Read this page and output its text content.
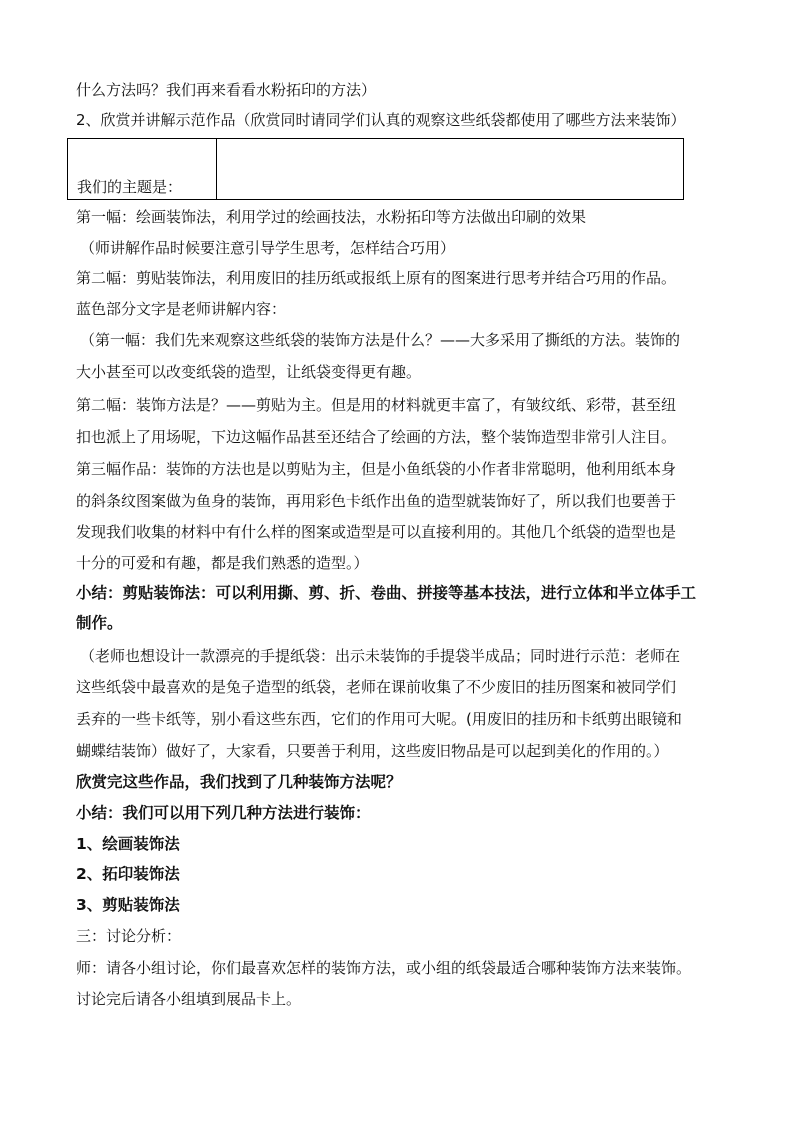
什么方法吗？我们再来看看水粉拓印的方法）
2、欣赏并讲解示范作品（欣赏同时请同学们认真的观察这些纸袋都使用了哪些方法来装饰）
我们的主题是：
第一幅：绘画装饰法，利用学过的绘画技法，水粉拓印等方法做出印刷的效果
（师讲解作品时候要注意引导学生思考，怎样结合巧用）
第二幅：剪贴装饰法，利用废旧的挂历纸或报纸上原有的图案进行思考并结合巧用的作品。
蓝色部分文字是老师讲解内容：
（第一幅：我们先来观察这些纸袋的装饰方法是什么？——大多采用了撕纸的方法。装饰的
大小甚至可以改变纸袋的造型，让纸袋变得更有趣。
第二幅：装饰方法是？——剪贴为主。但是用的材料就更丰富了，有皱纹纸、彩带，甚至纽
扣也派上了用场呢，下边这幅作品甚至还结合了绘画的方法，整个装饰造型非常引人注目。
第三幅作品：装饰的方法也是以剪贴为主，但是小鱼纸袋的小作者非常聪明，他利用纸本身
的斜条纹图案做为鱼身的装饰，再用彩色卡纸作出鱼的造型就装饰好了，所以我们也要善于
发现我们收集的材料中有什么样的图案或造型是可以直接利用的。其他几个纸袋的造型也是
十分的可爱和有趣，都是我们熟悉的造型。）
小结：剪贴装饰法：可以利用撕、剪、折、卷曲、拼接等基本技法，进行立体和半立体手工
制作。
（老师也想设计一款漂亮的手提纸袋：出示未装饰的手提袋半成品；同时进行示范：老师在
这些纸袋中最喜欢的是兔子造型的纸袋，老师在课前收集了不少废旧的挂历图案和被同学们
丢弃的一些卡纸等，别小看这些东西，它们的作用可大呢。(用废旧的挂历和卡纸剪出眼镜和
蝴蝶结装饰）做好了，大家看，只要善于利用，这些废旧物品是可以起到美化的作用的。）
欣赏完这些作品，我们找到了几种装饰方法呢？
小结：我们可以用下列几种方法进行装饰：
1、绘画装饰法
2、拓印装饰法
3、剪贴装饰法
三：讨论分析：
师：请各小组讨论，你们最喜欢怎样的装饰方法，或小组的纸袋最适合哪种装饰方法来装饰。
讨论完后请各小组填到展品卡上。
